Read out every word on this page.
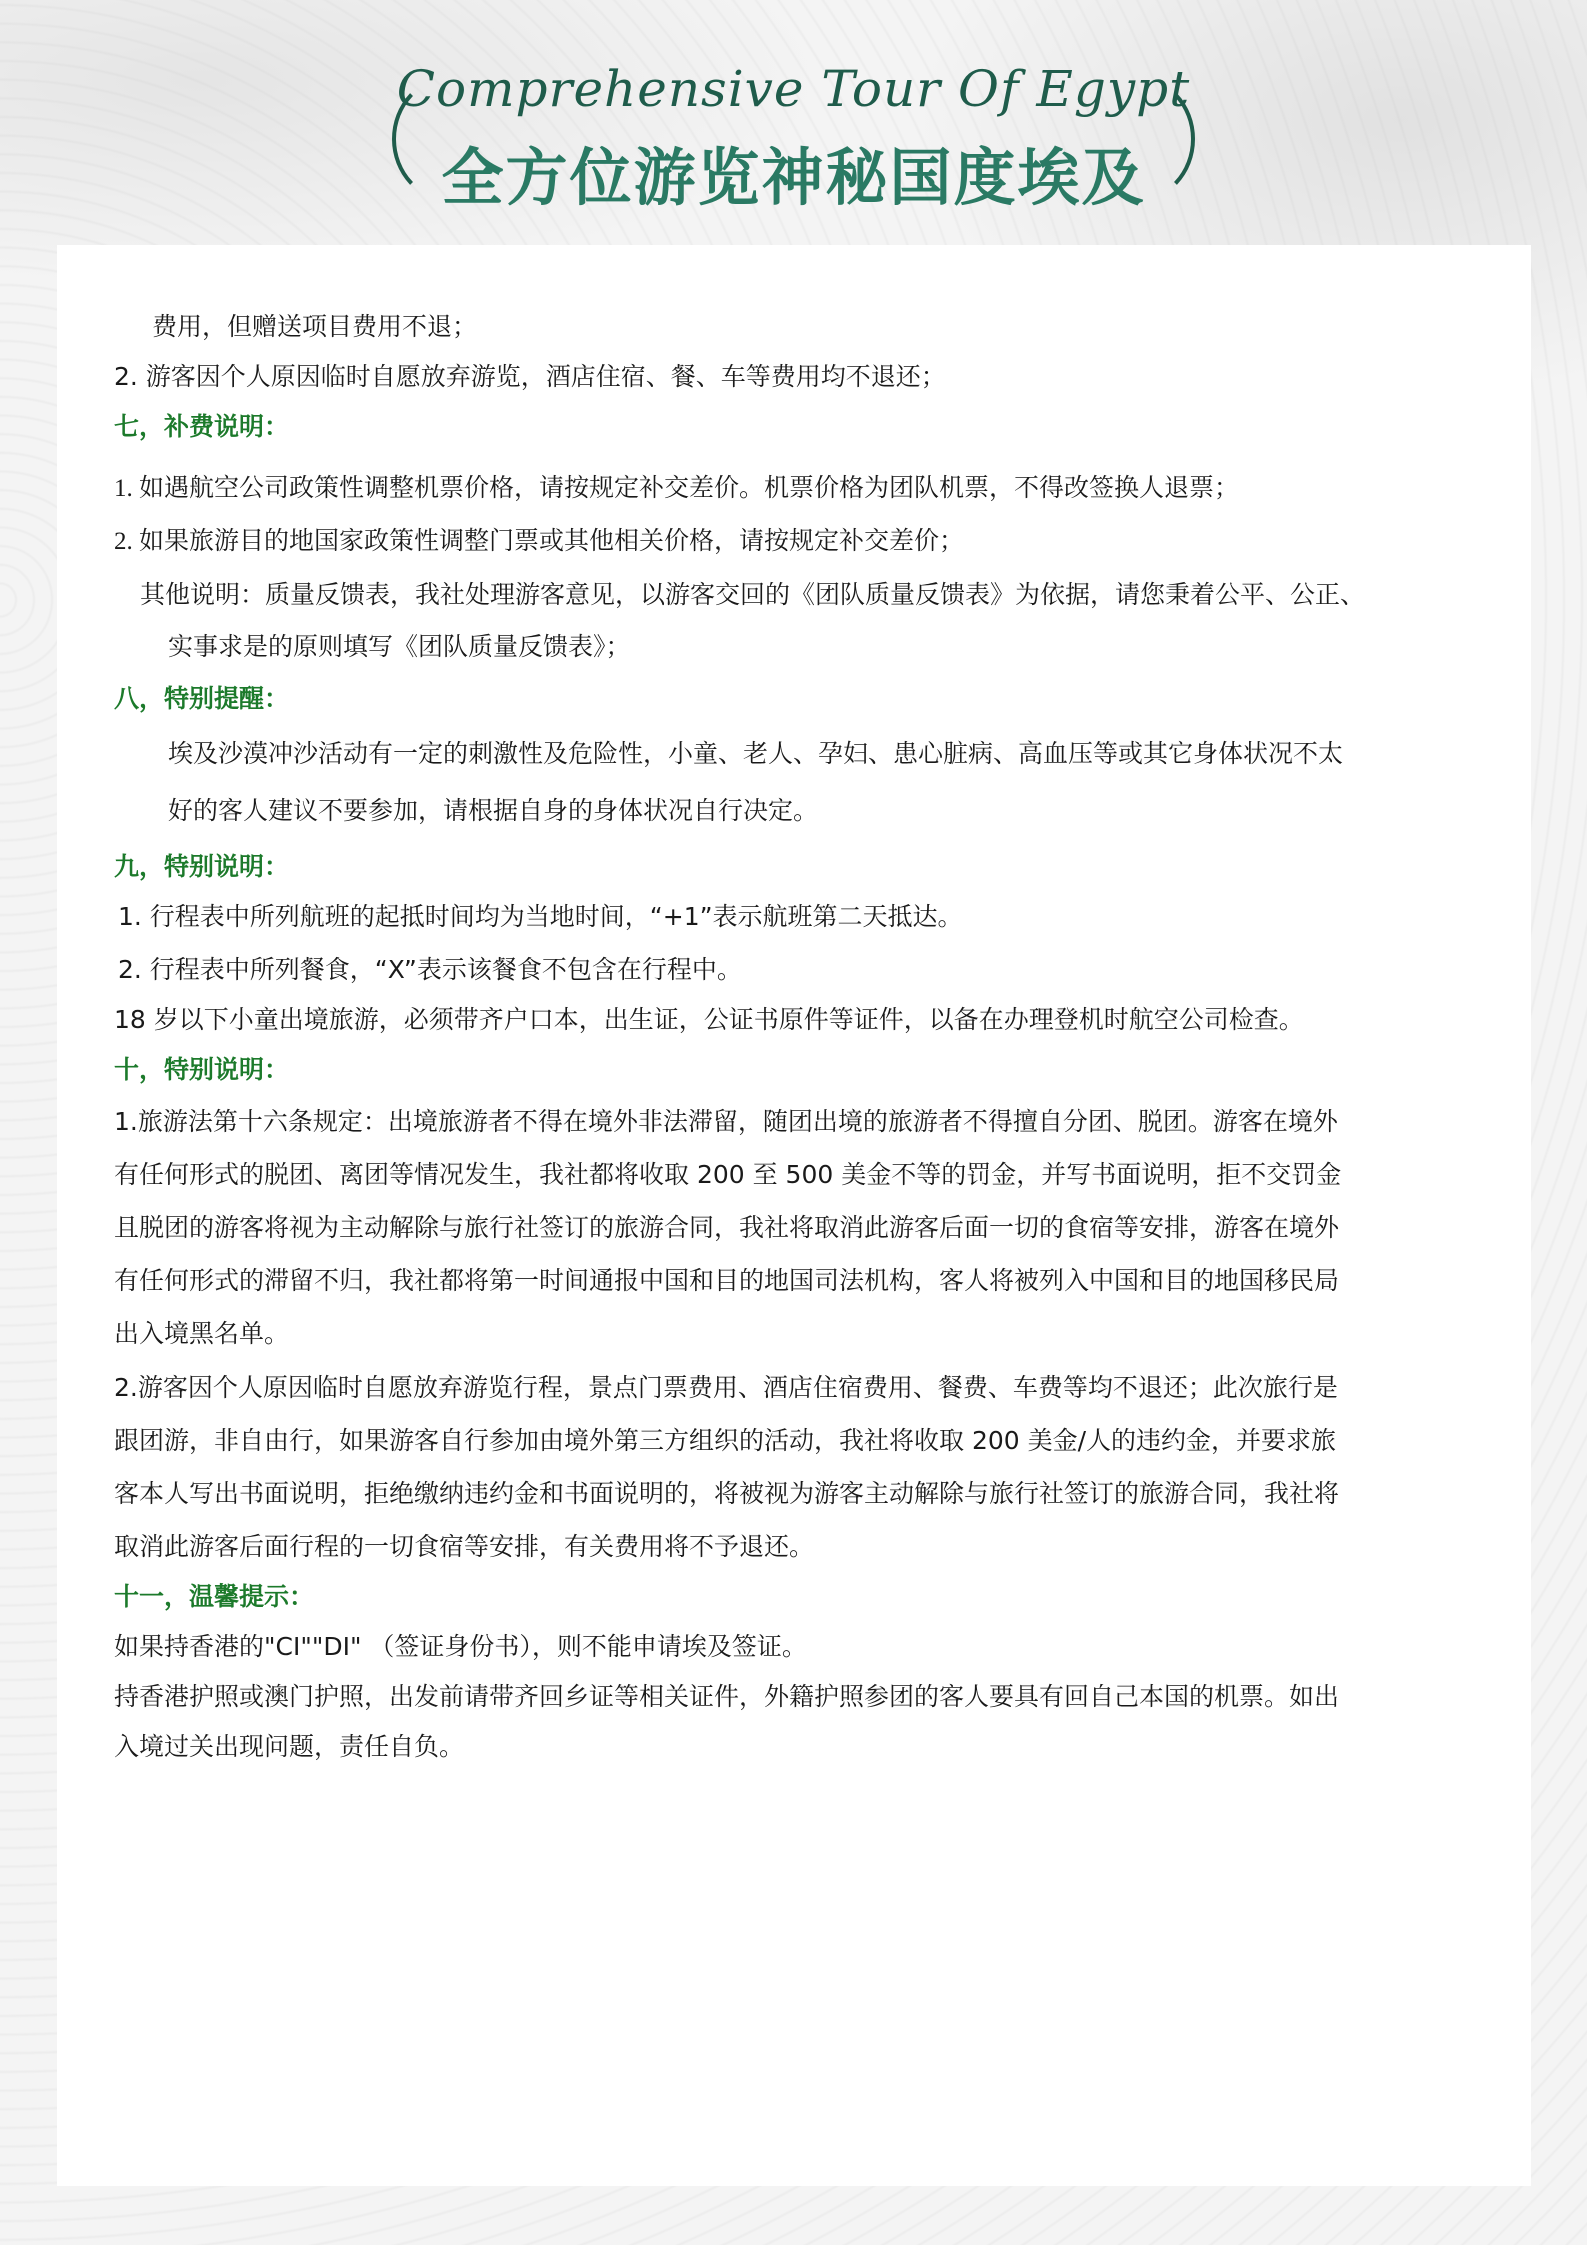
Comprehensive Tour Of Egypt
全方位游览神秘国度埃及
费用，但赠送项目费用不退；
2. 游客因个人原因临时自愿放弃游览，酒店住宿、餐、车等费用均不退还；
七，补费说明：
1. 如遇航空公司政策性调整机票价格，请按规定补交差价。机票价格为团队机票，不得改签换人退票；
2. 如果旅游目的地国家政策性调整门票或其他相关价格，请按规定补交差价；
其他说明：质量反馈表，我社处理游客意见，以游客交回的《团队质量反馈表》为依据，请您秉着公平、公正、
实事求是的原则填写《团队质量反馈表》；
八，特别提醒：
埃及沙漠冲沙活动有一定的刺激性及危险性，小童、老人、孕妇、患心脏病、高血压等或其它身体状况不太
好的客人建议不要参加，请根据自身的身体状况自行决定。
九，特别说明：
1. 行程表中所列航班的起抵时间均为当地时间，“+1”表示航班第二天抵达。
2. 行程表中所列餐食，“X”表示该餐食不包含在行程中。
18 岁以下小童出境旅游，必须带齐户口本，出生证，公证书原件等证件，以备在办理登机时航空公司检查。
十，特别说明：
1.旅游法第十六条规定：出境旅游者不得在境外非法滞留，随团出境的旅游者不得擅自分团、脱团。游客在境外
有任何形式的脱团、离团等情况发生，我社都将收取 200 至 500 美金不等的罚金，并写书面说明，拒不交罚金
且脱团的游客将视为主动解除与旅行社签订的旅游合同，我社将取消此游客后面一切的食宿等安排，游客在境外
有任何形式的滞留不归，我社都将第一时间通报中国和目的地国司法机构，客人将被列入中国和目的地国移民局
出入境黑名单。
2.游客因个人原因临时自愿放弃游览行程，景点门票费用、酒店住宿费用、餐费、车费等均不退还；此次旅行是
跟团游，非自由行，如果游客自行参加由境外第三方组织的活动，我社将收取 200 美金/人的违约金，并要求旅
客本人写出书面说明，拒绝缴纳违约金和书面说明的，将被视为游客主动解除与旅行社签订的旅游合同，我社将
取消此游客后面行程的一切食宿等安排，有关费用将不予退还。
十一，温馨提示：
如果持香港的"CI""DI" （签证身份书），则不能申请埃及签证。
持香港护照或澳门护照，出发前请带齐回乡证等相关证件，外籍护照参团的客人要具有回自己本国的机票。如出
入境过关出现问题，责任自负。
